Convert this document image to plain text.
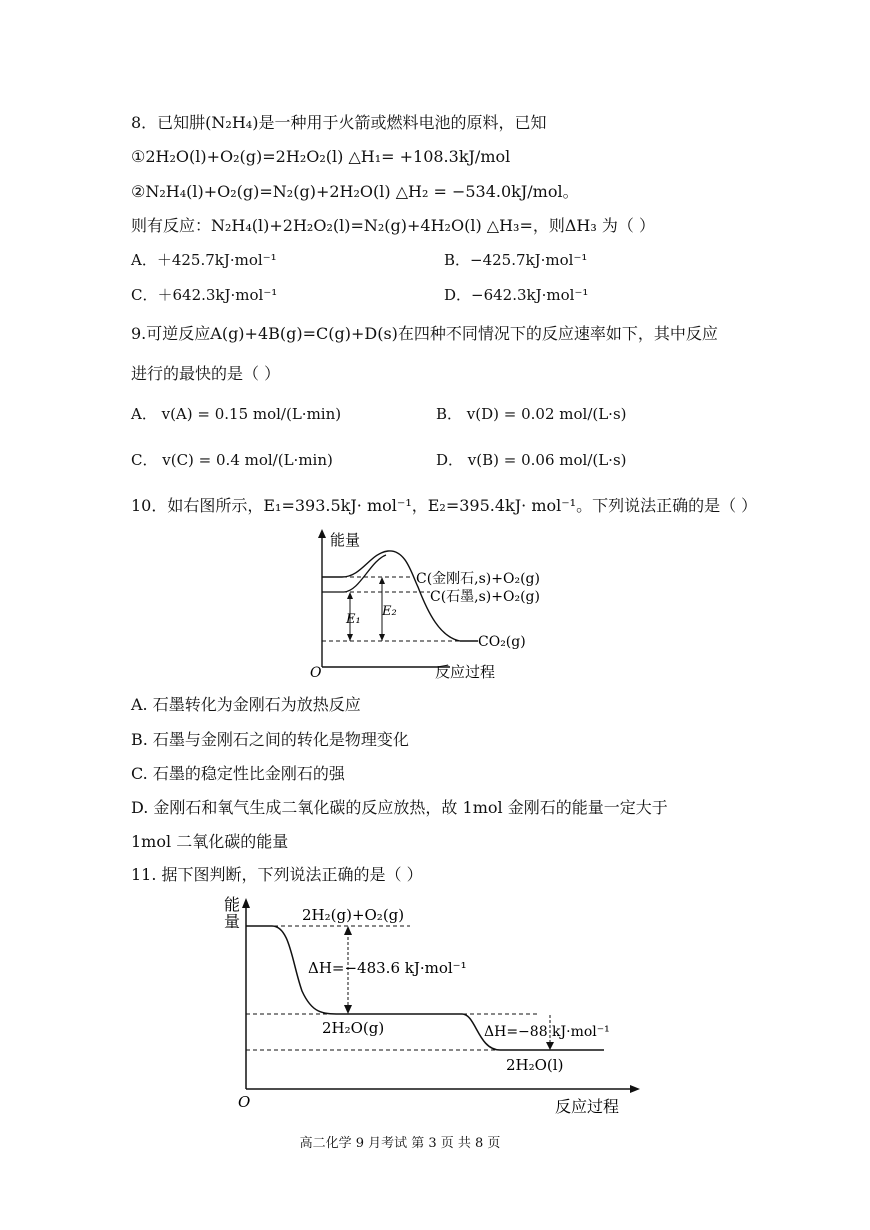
8．已知肼(N₂H₄)是一种用于火箭或燃料电池的原料，已知
①2H₂O(l)+O₂(g)=2H₂O₂(l) △H₁= +108.3kJ/mol
②N₂H₄(l)+O₂(g)=N₂(g)+2H₂O(l) △H₂ = −534.0kJ/mol。
则有反应：N₂H₄(l)+2H₂O₂(l)=N₂(g)+4H₂O(l) △H₃=，则ΔH₃ 为（ ）
A．＋425.7kJ·mol⁻¹	B．−425.7kJ·mol⁻¹
C．＋642.3kJ·mol⁻¹	D．−642.3kJ·mol⁻¹
9.可逆反应A(g)+4B(g)=C(g)+D(s)在四种不同情况下的反应速率如下，其中反应
进行的最快的是（ ）
A． v(A) = 0.15 mol/(L·min)	B． v(D) = 0.02 mol/(L·s)
C． v(C) = 0.4 mol/(L·min)	D． v(B) = 0.06 mol/(L·s)
10．如右图所示，E₁=393.5kJ· mol⁻¹，E₂=395.4kJ· mol⁻¹。下列说法正确的是（ ）
能量
O	反应过程
E₁
E₂
C(金刚石,s)+O₂(g)
C(石墨,s)+O₂(g)
CO₂(g)
A. 石墨转化为金刚石为放热反应
B. 石墨与金刚石之间的转化是物理变化
C. 石墨的稳定性比金刚石的强
D. 金刚石和氧气生成二氧化碳的反应放热，故 1mol 金刚石的能量一定大于
1mol 二氧化碳的能量
11. 据下图判断，下列说法正确的是（ ）
能
量
O	反应过程
2H₂(g)+O₂(g)
ΔH=−483.6 kJ·mol⁻¹
2H₂O(g)	ΔH=−88 kJ·mol⁻¹
2H₂O(l)
高二化学 9 月考试 第 3 页 共 8 页
